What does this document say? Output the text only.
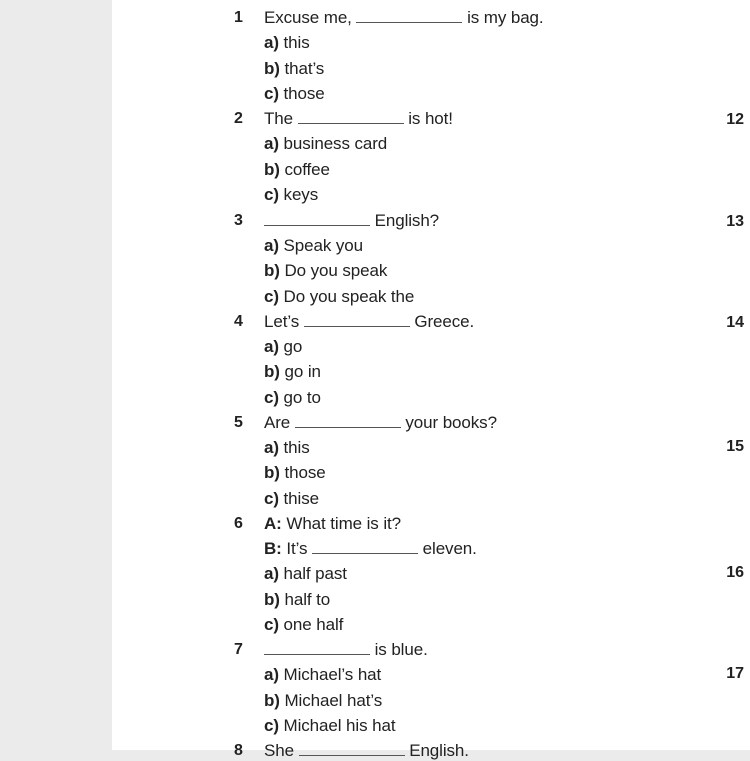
1 Excuse me,	is my bag.
a) this
b) that’s
c) those
2 The	is hot!	12
a) business card
b) coffee
c) keys
3	English?	13
a) Speak you
b) Do you speak
c) Do you speak the
4 Let’s	Greece.	14
a) go
b) go in
c) go to
5 Are	your books?
15
a) this
b) those
c) thise
6 A: What time is it?
B: It’s	eleven.
16
a) half past
b) half to
c) one half
7	is blue.
17
a) Michael’s hat
b) Michael hat’s
c) Michael his hat
8 She	English.
